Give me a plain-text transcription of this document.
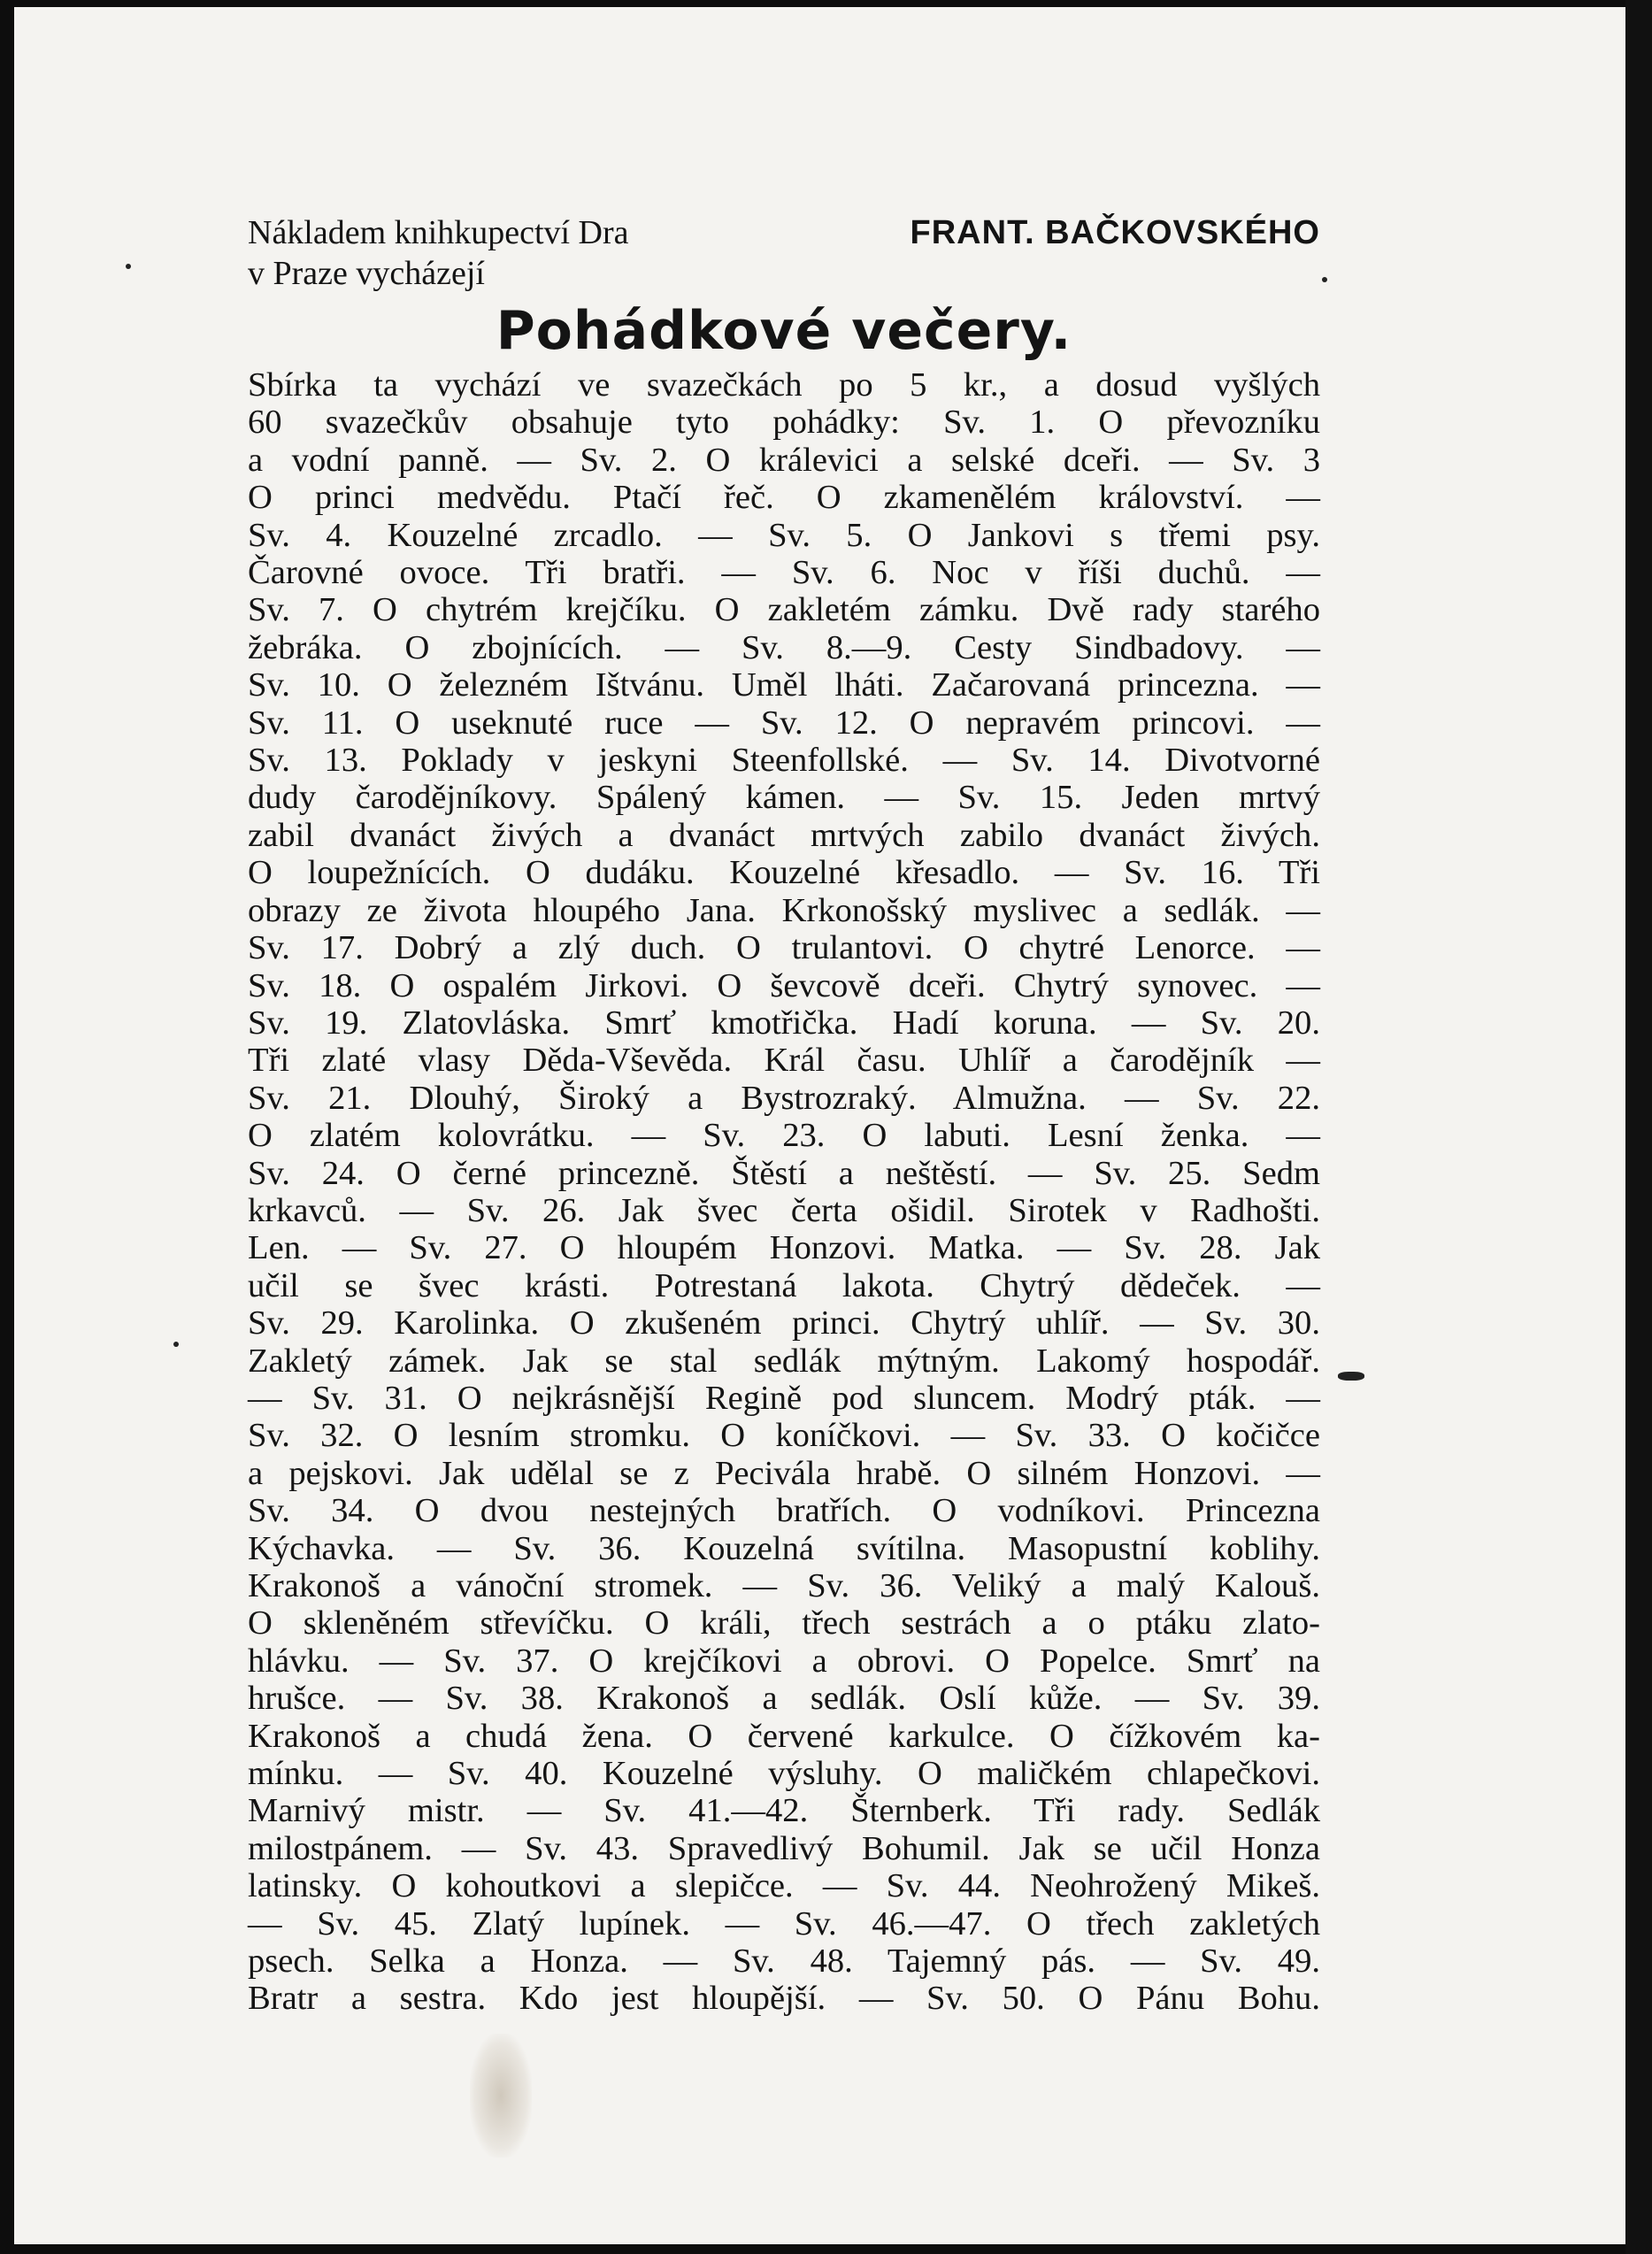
Nákladem knihkupectví Dra	FRANT. BAČKOVSKÉHO
v Praze vycházejí
Pohádkové večery.
Sbírka ta vychází ve svazečkách po 5 kr., a dosud vyšlých
60 svazečkův obsahuje tyto pohádky: Sv. 1. O převozníku
a vodní panně. — Sv. 2. O králevici a selské dceři. — Sv. 3
O princi medvědu. Ptačí řeč. O zkamenělém království. —
Sv. 4. Kouzelné zrcadlo. — Sv. 5. O Jankovi s třemi psy.
Čarovné ovoce. Tři bratři. — Sv. 6. Noc v říši duchů. —
Sv. 7. O chytrém krejčíku. O zakletém zámku. Dvě rady starého
žebráka. O zbojnících. — Sv. 8.—9. Cesty Sindbadovy. —
Sv. 10. O železném Ištvánu. Uměl lháti. Začarovaná princezna. —
Sv. 11. O useknuté ruce — Sv. 12. O nepravém princovi. —
Sv. 13. Poklady v jeskyni Steenfollské. — Sv. 14. Divotvorné
dudy čarodějníkovy. Spálený kámen. — Sv. 15. Jeden mrtvý
zabil dvanáct živých a dvanáct mrtvých zabilo dvanáct živých.
O loupežnících. O dudáku. Kouzelné křesadlo. — Sv. 16. Tři
obrazy ze života hloupého Jana. Krkonošský myslivec a sedlák. —
Sv. 17. Dobrý a zlý duch. O trulantovi. O chytré Lenorce. —
Sv. 18. O ospalém Jirkovi. O ševcově dceři. Chytrý synovec. —
Sv. 19. Zlatovláska. Smrť kmotřička. Hadí koruna. — Sv. 20.
Tři zlaté vlasy Děda-Vševěda. Král času. Uhlíř a čarodějník —
Sv. 21. Dlouhý, Široký a Bystrozraký. Almužna. — Sv. 22.
O zlatém kolovrátku. — Sv. 23. O labuti. Lesní ženka. —
Sv. 24. O černé princezně. Štěstí a neštěstí. — Sv. 25. Sedm
krkavců. — Sv. 26. Jak švec čerta ošidil. Sirotek v Radhošti.
Len. — Sv. 27. O hloupém Honzovi. Matka. — Sv. 28. Jak
učil se švec krásti. Potrestaná lakota. Chytrý dědeček. —
Sv. 29. Karolinka. O zkušeném princi. Chytrý uhlíř. — Sv. 30.
Zakletý zámek. Jak se stal sedlák mýtným. Lakomý hospodář.
— Sv. 31. O nejkrásnější Regině pod sluncem. Modrý pták. —
Sv. 32. O lesním stromku. O koníčkovi. — Sv. 33. O kočičce
a pejskovi. Jak udělal se z Peciválа hrabě. O silném Honzovi. —
Sv. 34. O dvou nestejných bratřích. O vodníkovi. Princezna
Kýchavka. — Sv. 36. Kouzelná svítilna. Masopustní koblihy.
Krakonoš a vánoční stromek. — Sv. 36. Veliký a malý Kalouš.
O skleněném střevíčku. O králi, třech sestrách a o ptáku zlato-
hlávku. — Sv. 37. O krejčíkovi a obrovi. O Popelce. Smrť na
hrušce. — Sv. 38. Krakonoš a sedlák. Oslí kůže. — Sv. 39.
Krakonoš a chudá žena. O červené karkulce. O čížkovém ka-
mínku. — Sv. 40. Kouzelné výsluhy. O maličkém chlapečkovi.
Marnivý mistr. — Sv. 41.—42. Šternberk. Tři rady. Sedlák
milostpánem. — Sv. 43. Spravedlivý Bohumil. Jak se učil Honza
latinsky. O kohoutkovi a slepičce. — Sv. 44. Neohrožený Mikeš.
— Sv. 45. Zlatý lupínek. — Sv. 46.—47. O třech zakletých
psech. Selka a Honza. — Sv. 48. Tajemný pás. — Sv. 49.
Bratr a sestra. Kdo jest hloupější. — Sv. 50. O Pánu Bohu.
